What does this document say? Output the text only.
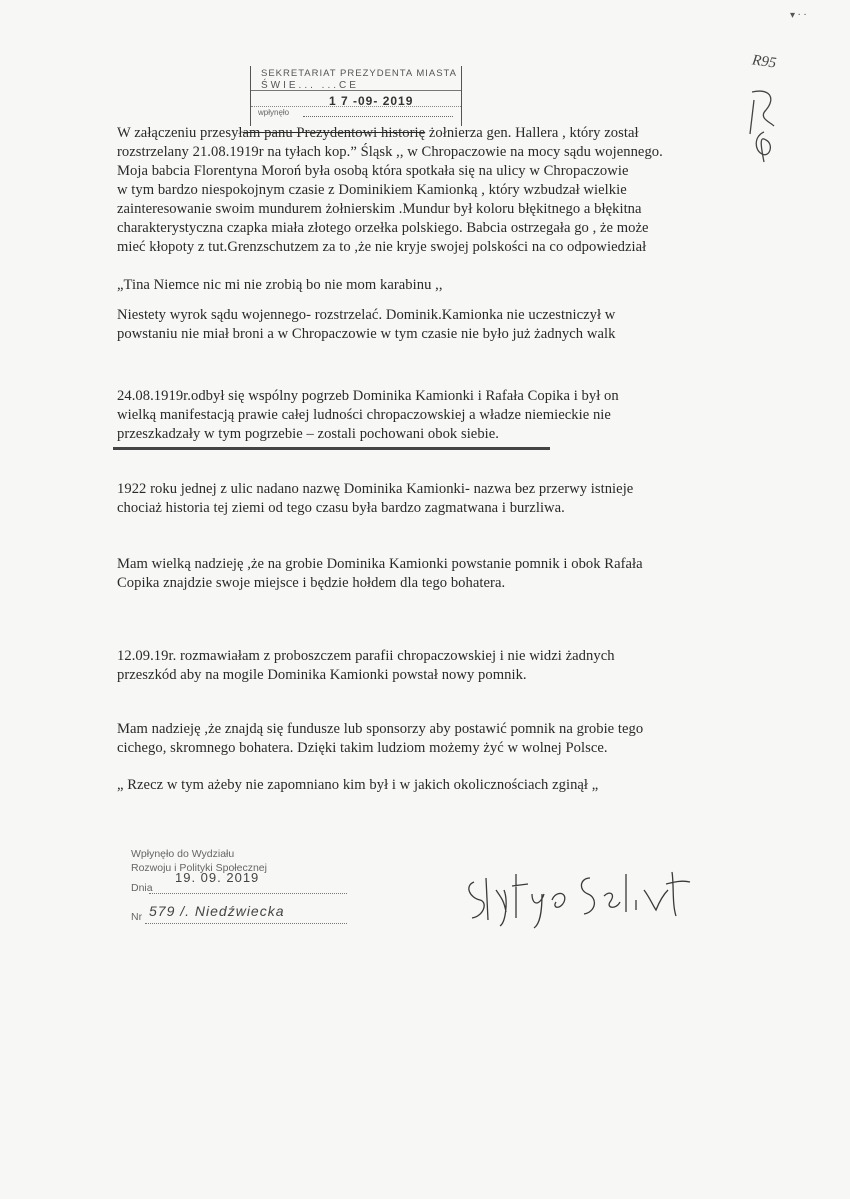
▾ · ·
SEKRETARIAT PREZYDENTA MIASTA
ŚWIE... ...CE
1 7 -09- 2019
wpłynęło
R95

W załączeniu przesyłam panu Prezydentowi historię żołnierza gen. Hallera , który został
rozstrzelany 21.08.1919r na tyłach kop.” Śląsk ,, w Chropaczowie na mocy sądu wojennego.
Moja babcia Florentyna Moroń była osobą która spotkała się na ulicy w Chropaczowie
w tym bardzo niespokojnym czasie z Dominikiem Kamionką , który wzbudzał wielkie
zainteresowanie swoim mundurem żołnierskim .Mundur był koloru błękitnego a błękitna
charakterystyczna czapka miała złotego orzełka polskiego. Babcia ostrzegała go , że może
mieć kłopoty z tut.Grenzschutzem za to ,że nie kryje swojej polskości na co odpowiedział

„Tina Niemce nic mi nie zrobią bo nie mom karabinu ,,

Niestety wyrok sądu wojennego- rozstrzelać. Dominik.Kamionka nie uczestniczył w
powstaniu nie miał broni a w Chropaczowie w tym czasie nie było już żadnych walk

24.08.1919r.odbył się wspólny pogrzeb Dominika Kamionki i Rafała Copika i był on
wielką manifestacją prawie całej ludności chropaczowskiej a władze niemieckie nie
przeszkadzały w tym pogrzebie – zostali pochowani obok siebie.

1922 roku jednej z ulic nadano nazwę Dominika Kamionki- nazwa bez przerwy istnieje
chociaż historia tej ziemi od tego czasu była bardzo zagmatwana i burzliwa.

Mam wielką nadzieję ,że na grobie Dominika Kamionki powstanie pomnik i obok Rafała
Copika znajdzie swoje miejsce i będzie hołdem dla tego bohatera.

12.09.19r. rozmawiałam z proboszczem parafii chropaczowskiej i nie widzi żadnych
przeszkód aby na mogile Dominika Kamionki powstał nowy pomnik.

Mam nadzieję ,że znajdą się fundusze lub sponsorzy aby postawić pomnik na grobie tego
cichego, skromnego bohatera. Dzięki takim ludziom możemy żyć w wolnej Polsce.

„ Rzecz w tym ażeby nie zapomniano kim był i w jakich okolicznościach zginął „

Wpłynęło do Wydziału
Rozwoju i Polityki Społecznej
Dnia
19. 09. 2019
Nr 579 /. Niedźwiecka
